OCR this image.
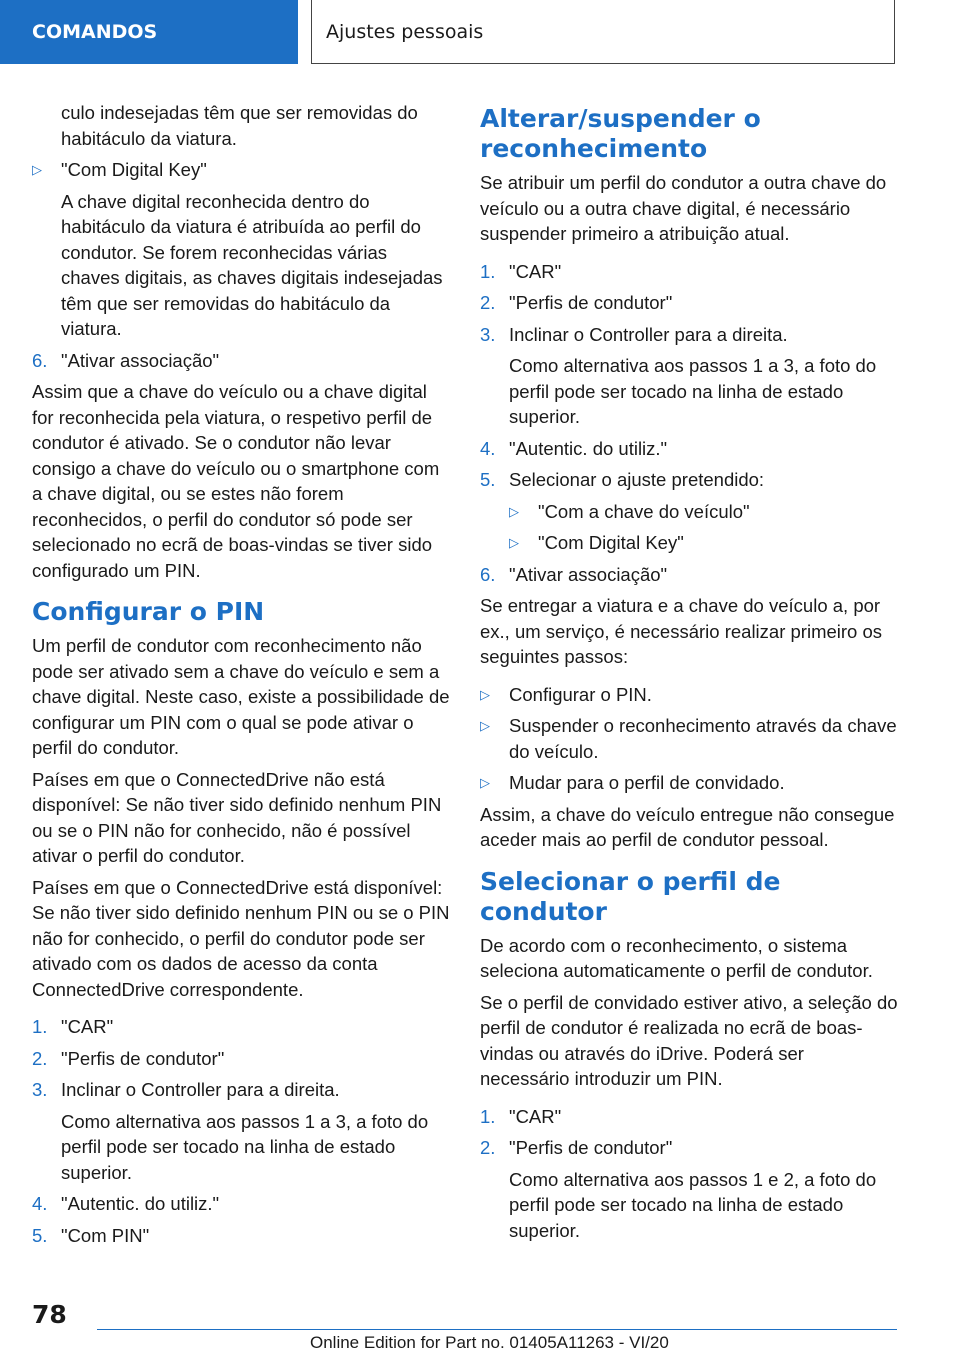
COMANDOS	Ajustes pessoais
culo indesejadas têm que ser removidas do habitáculo da viatura.
▷	"Com Digital Key"
A chave digital reconhecida dentro do habitáculo da viatura é atribuída ao perfil do condutor. Se forem reconhecidas várias chaves digitais, as chaves digitais indesejadas têm que ser removidas do habitáculo da viatura.
6. "Ativar associação"
Assim que a chave do veículo ou a chave digital for reconhecida pela viatura, o respetivo perfil de condutor é ativado. Se o condutor não levar consigo a chave do veículo ou o smartphone com a chave digital, ou se estes não forem reconhecidos, o perfil do condutor só pode ser selecionado no ecrã de boas-vindas se tiver sido configurado um PIN.
Configurar o PIN
Um perfil de condutor com reconhecimento não pode ser ativado sem a chave do veículo e sem a chave digital. Neste caso, existe a possibilidade de configurar um PIN com o qual se pode ativar o perfil do condutor.
Países em que o ConnectedDrive não está disponível: Se não tiver sido definido nenhum PIN ou se o PIN não for conhecido, não é possível ativar o perfil do condutor.
Países em que o ConnectedDrive está disponível: Se não tiver sido definido nenhum PIN ou se o PIN não for conhecido, o perfil do condutor pode ser ativado com os dados de acesso da conta ConnectedDrive correspondente.
1. "CAR"
2. "Perfis de condutor"
3. Inclinar o Controller para a direita.
Como alternativa aos passos 1 a 3, a foto do perfil pode ser tocado na linha de estado superior.
4. "Autentic. do utiliz."
5. "Com PIN"
Alterar/suspender o reconhecimento
Se atribuir um perfil do condutor a outra chave do veículo ou a outra chave digital, é necessário suspender primeiro a atribuição atual.
1. "CAR"
2. "Perfis de condutor"
3. Inclinar o Controller para a direita.
Como alternativa aos passos 1 a 3, a foto do perfil pode ser tocado na linha de estado superior.
4. "Autentic. do utiliz."
5. Selecionar o ajuste pretendido:
▷	"Com a chave do veículo"
▷	"Com Digital Key"
6. "Ativar associação"
Se entregar a viatura e a chave do veículo a, por ex., um serviço, é necessário realizar primeiro os seguintes passos:
▷	Configurar o PIN.
▷	Suspender o reconhecimento através da chave do veículo.
▷	Mudar para o perfil de convidado.
Assim, a chave do veículo entregue não consegue aceder mais ao perfil de condutor pessoal.
Selecionar o perfil de condutor
De acordo com o reconhecimento, o sistema seleciona automaticamente o perfil de condutor.
Se o perfil de convidado estiver ativo, a seleção do perfil de condutor é realizada no ecrã de boas-vindas ou através do iDrive. Poderá ser necessário introduzir um PIN.
1. "CAR"
2. "Perfis de condutor"
Como alternativa aos passos 1 e 2, a foto do perfil pode ser tocado na linha de estado superior.
78
Online Edition for Part no. 01405A11263 - VI/20
